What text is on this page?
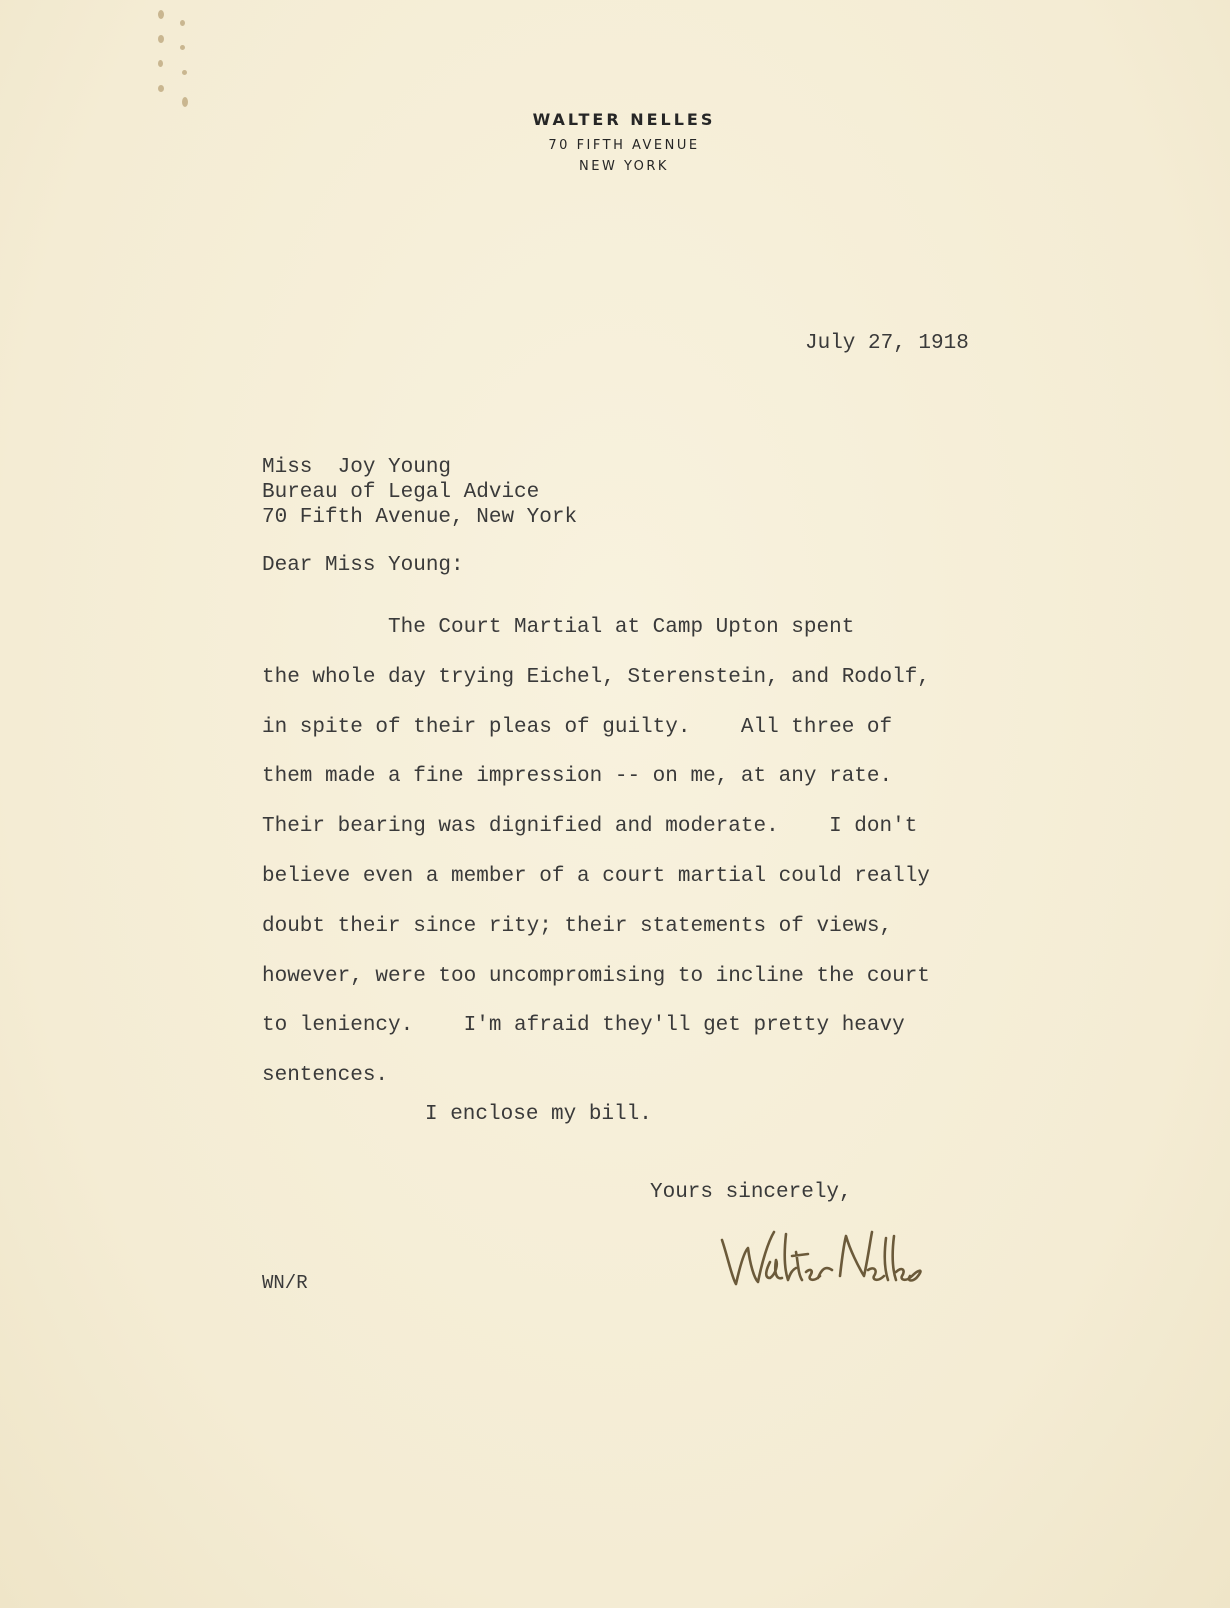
WALTER NELLES
70 FIFTH AVENUE
NEW YORK
July 27, 1918
Miss  Joy Young
Bureau of Legal Advice
70 Fifth Avenue, New York
Dear Miss Young:
The Court Martial at Camp Upton spent
the whole day trying Eichel, Sterenstein, and Rodolf,
in spite of their pleas of guilty.    All three of
them made a fine impression -- on me, at any rate.
Their bearing was dignified and moderate.    I don't
believe even a member of a court martial could really
doubt their since rity; their statements of views,
however, were too uncompromising to incline the court
to leniency.    I'm afraid they'll get pretty heavy
sentences.
I enclose my bill.
Yours sincerely,
WN/R
